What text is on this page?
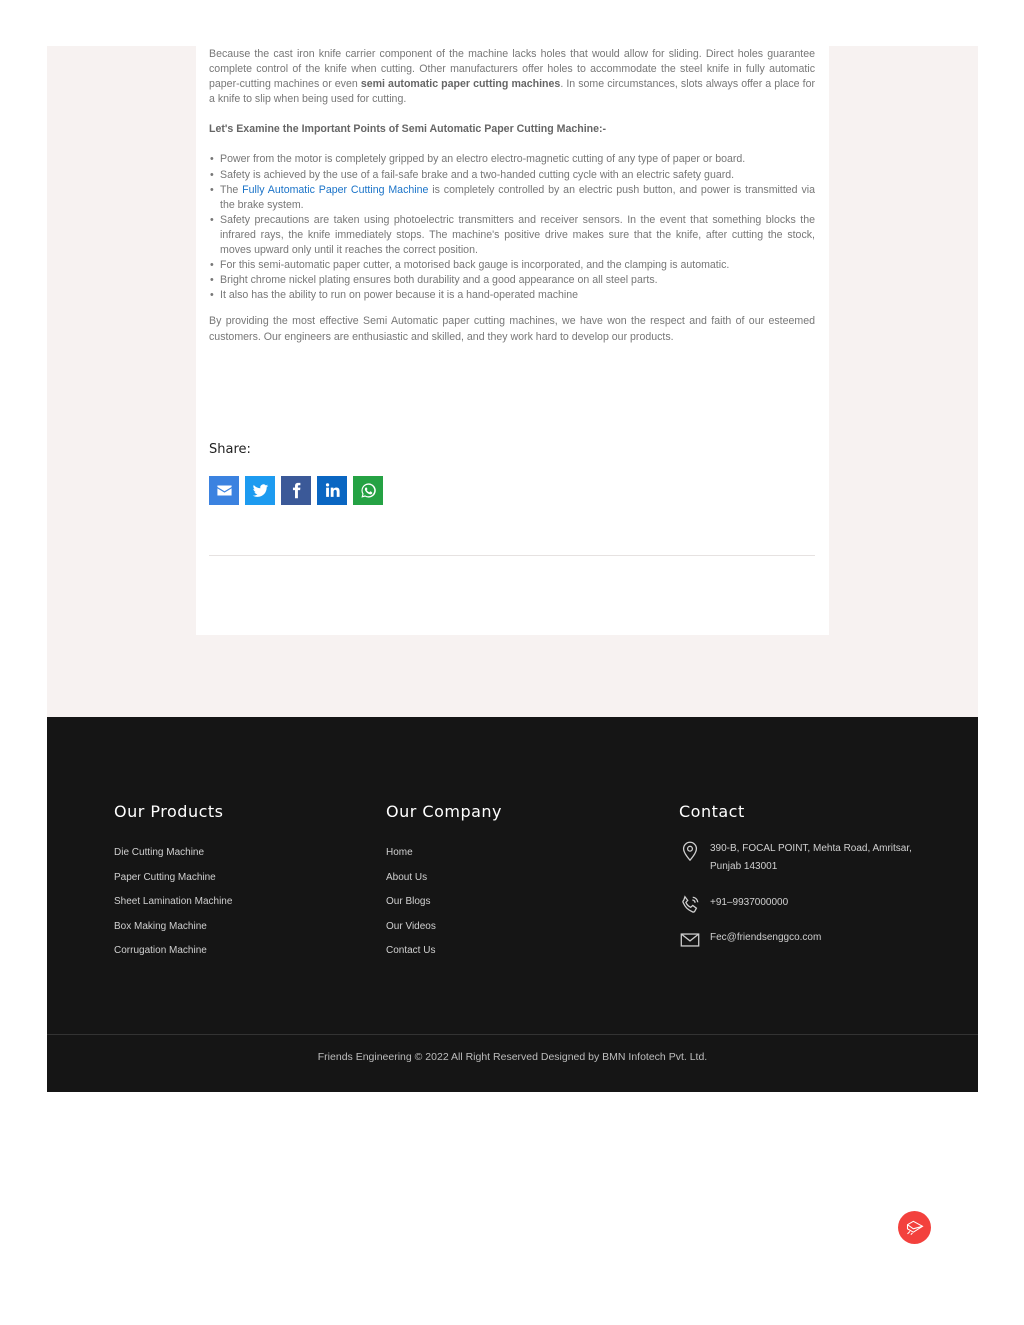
Because the cast iron knife carrier component of the machine lacks holes that would allow for sliding. Direct holes guarantee complete control of the knife when cutting. Other manufacturers offer holes to accommodate the steel knife in fully automatic paper-cutting machines or even semi automatic paper cutting machines. In some circumstances, slots always offer a place for a knife to slip when being used for cutting.

Let's Examine the Important Points of Semi Automatic Paper Cutting Machine:-

• Power from the motor is completely gripped by an electro electro-magnetic cutting of any type of paper or board.
• Safety is achieved by the use of a fail-safe brake and a two-handed cutting cycle with an electric safety guard.
• The Fully Automatic Paper Cutting Machine is completely controlled by an electric push button, and power is transmitted via the brake system.
• Safety precautions are taken using photoelectric transmitters and receiver sensors. In the event that something blocks the infrared rays, the knife immediately stops. The machine's positive drive makes sure that the knife, after cutting the stock, moves upward only until it reaches the correct position.
• For this semi-automatic paper cutter, a motorised back gauge is incorporated, and the clamping is automatic.
• Bright chrome nickel plating ensures both durability and a good appearance on all steel parts.
• It also has the ability to run on power because it is a hand-operated machine

By providing the most effective Semi Automatic paper cutting machines, we have won the respect and faith of our esteemed customers. Our engineers are enthusiastic and skilled, and they work hard to develop our products.

Share:
Our Products
Die Cutting Machine
Paper Cutting Machine
Sheet Lamination Machine
Box Making Machine
Corrugation Machine
Our Company
Home
About Us
Our Blogs
Our Videos
Contact Us
Contact
390-B, FOCAL POINT, Mehta Road, Amritsar, Punjab 143001
+91–9937000000
Fec@friendsenggco.com
Friends Engineering © 2022 All Right Reserved Designed by BMN Infotech Pvt. Ltd.
